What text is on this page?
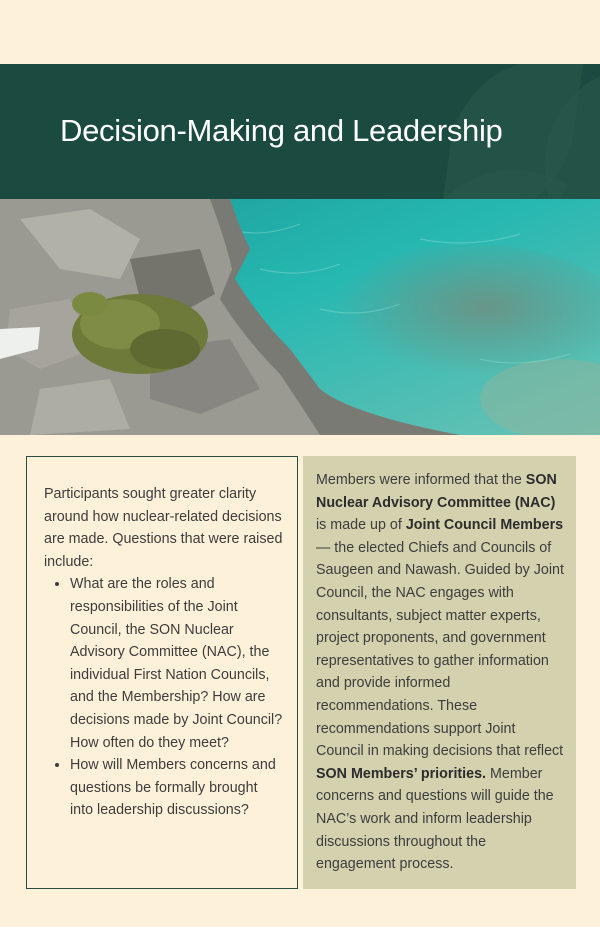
Decision-Making and Leadership

Participants sought greater clarity around how nuclear-related decisions are made. Questions that were raised include:

• What are the roles and responsibilities of the Joint Council, the SON Nuclear Advisory Committee (NAC), the individual First Nation Councils, and the Membership? How are decisions made by Joint Council? How often do they meet?
• How will Members concerns and questions be formally brought into leadership discussions?

Members were informed that the SON Nuclear Advisory Committee (NAC) is made up of Joint Council Members — the elected Chiefs and Councils of Saugeen and Nawash. Guided by Joint Council, the NAC engages with consultants, subject matter experts, project proponents, and government representatives to gather information and provide informed recommendations. These recommendations support Joint Council in making decisions that reflect SON Members’ priorities. Member concerns and questions will guide the NAC’s work and inform leadership discussions throughout the engagement process.
